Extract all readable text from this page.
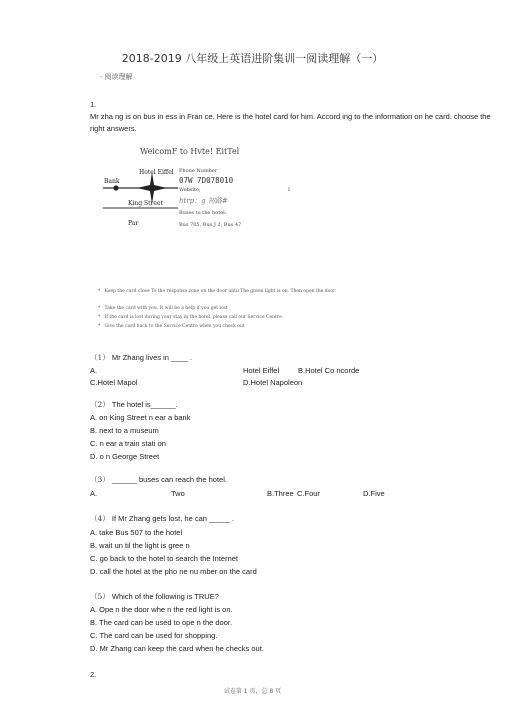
2018-2019 八年级上英语进阶集训一阅读理解（一）
· 阅读理解
1.
Mr zha ng is on bus in ess in Fran ce. Here is the hotel card for him. Accord ing to the information on he card. choose the right answers.
WeicomF to Hvte! EitTel
Bank
Hotel Eiffel
King Street
Par
Phone Number
07W 7D078010
Website;	I
htrp：g 初路#
Buses to the hotel:
Bus 705, Bus J 2, Bus 47
*   Keep the card close To the response zone on the door until The green light is on. Then open the door.
*   Take the card with you. It will be a help if you get lost
*   If the card is lost during your stay in the hotel, please call our Service Centre.
*   Give the card back to the Service Centre when you check out
（1） Mr Zhang lives in ____ .
A.	Hotel Eiffel	B.Hotel Co ncorde
C.Hotel Mapol	D.Hotel Napoleon
（2） The hotel is______.
A. on King Street n ear a bank
B. next to a museum
C. n ear a train stati on
D. o n George Street
（3） ______ buses can reach the hotel.
A.	Two	B.Three C.Four	D.Five
（4） If Mr Zhang gets lost, he can _____ .
A. take Bus 507 to the hotel
B. wait un til the light is gree n
C. go back to the hotel to search the Internet
D. call the hotel at the pho ne nu mber on the card
（5） Which of the following is TRUE?
A. Ope n the door whe n the red light is on.
B. The card can be used to ope n the door.
C. The card can be used for shopping.
D. Mr Zhang can keep the card when he checks out.
2.
试卷第 1 页，总 8 页
